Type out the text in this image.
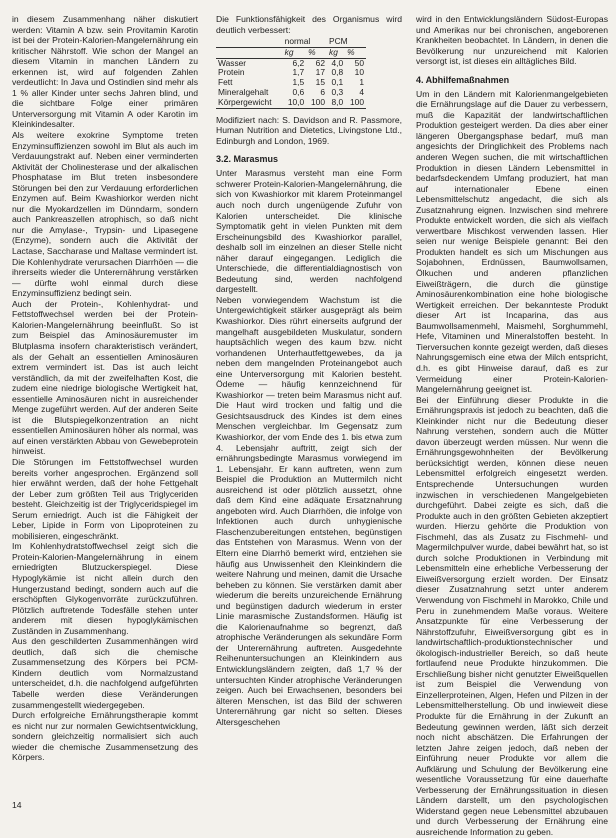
in diesem Zusammenhang näher diskutiert werden: Vitamin A bzw. sein Provitamin Karotin ist bei der Protein-Kalorien-Mangelernährung ein kritischer Nährstoff. Wie schon der Mangel an diesem Vitamin in manchen Ländern zu erkennen ist, wird auf folgenden Zahlen verdeutlicht: In Java und Ostindien sind mehr als 1 % aller Kinder unter sechs Jahren blind, und die sichtbare Folge einer primären Unterversorgung mit Vitamin A oder Karotin im Kleinkindesalter.

Als weitere exokrine Symptome treten Enzyminsuffizienzen sowohl im Blut als auch im Verdauungstrakt auf. Neben einer verminderten Aktivität der Cholinesterase und der alkalischen Phosphatase im Blut treten insbesondere Störungen bei den zur Verdauung erforderlichen Enzymen auf. Beim Kwashiorkor werden nicht nur die Myokardzellen im Dünndarm, sondern auch Pankreaszellen atrophisch, so daß nicht nur die Amylase-, Trypsin- und Lipasegene (Enzyme), sondern auch die Aktivität der Lactase, Saccharase und Maltase vermindert ist. Die Kohlenhydrate verursachen Diarrhöen — die ihrerseits wieder die Unterernährung verstärken — dürfte wohl einmal durch diese Enzyminsuffizienz bedingt sein.

Auch der Protein-, Kohlenhydrat- und Fettstoffwechsel werden bei der Protein-Kalorien-Mangelernährung beeinflußt. So ist zum Beispiel das Aminosäuremuster im Blutplasma insofern charakteristisch verändert, als der Gehalt an essentiellen Aminosäuren extrem vermindert ist. Das ist auch leicht verständlich, da mit der zweifelhaften Kost, die zudem eine niedrige biologische Wertigkeit hat, essentielle Aminosäuren nicht in ausreichender Menge zugeführt werden. Auf der anderen Seite ist die Blutspiegelkonzentration an nicht essentiellen Aminosäuren höher als normal, was auf einen verstärkten Abbau von Gewebeprotein hinweist.

Die Störungen im Fettstoffwechsel wurden bereits vorher angesprochen. Ergänzend soll hier erwähnt werden, daß der hohe Fettgehalt der Leber zum größten Teil aus Triglyceriden besteht. Gleichzeitig ist der Triglyceridspiegel im Serum erniedrigt. Auch ist die Fähigkeit der Leber, Lipide in Form von Lipoproteinen zu mobilisieren, eingeschränkt.

Im Kohlenhydratstoffwechsel zeigt sich die Protein-Kalorien-Mangelernährung in einem erniedrigten Blutzuckerspiegel. Diese Hypoglykämie ist nicht allein durch den Hungerzustand bedingt, sondern auch auf die erschöpften Glykogenvorräte zurückzuführen. Plötzlich auftretende Todesfälle stehen unter anderem mit diesen hypoglykämischen Zuständen in Zusammenhang.

Aus den geschilderten Zusammenhängen wird deutlich, daß sich die chemische Zusammensetzung des Körpers bei PCM-Kindern deutlich vom Normalzustand unterscheidet, d.h. die nachfolgend aufgeführten Tabelle werden diese Veränderungen zusammengestellt wiedergegeben.

Durch erfolgreiche Ernährungstherapie kommt es nicht nur zur normalen Gewichtsentwicklung, sondern gleichzeitig normalisiert sich auch wieder die chemische Zusammensetzung des Körpers.

Die Funktionsfähigkeit des Organismus wird deutlich verbessert:

	normal		PCM	
	kg	%	kg	%
Wasser	6,2	62	4,0	50
Protein	1,7	17	0,8	10
Fett	1,5	15	0,1	1
Mineralgehalt	0,6	6	0,3	4
Körpergewicht	10,0	100	8,0	100

Modifiziert nach: S. Davidson and R. Passmore, Human Nutrition and Dietetics, Livingstone Ltd., Edinburgh and London, 1969.

3.2. Marasmus

Unter Marasmus versteht man eine Form schwerer Protein-Kalorien-Mangelernährung, die sich von Kwashiorkor mit klarem Proteinmangel auch noch durch ungenügende Zufuhr von Kalorien unterscheidet. Die klinische Symptomatik geht in vielen Punkten mit dem Erscheinungsbild des Kwashiorkor parallel, deshalb soll im einzelnen an dieser Stelle nicht näher darauf eingegangen. Lediglich die Unterschiede, die differentialdiagnostisch von Bedeutung sind, werden nachfolgend dargestellt.

Neben vorwiegendem Wachstum ist die Untergewichtigkeit stärker ausgeprägt als beim Kwashiorkor. Dies rührt einerseits aufgrund der mangelhaft ausgebildeten Muskulatur, sondern hauptsächlich wegen des kaum bzw. nicht vorhandenen Unterhautfettgewebes, da ja neben dem mangelnden Proteinangebot auch eine Unterversorgung mit Kalorien besteht. Ödeme — häufig kennzeichnend für Kwashiorkor — treten beim Marasmus nicht auf. Die Haut wird trocken und faltig und die Gesichtsausdruck des Kindes ist dem eines Menschen vergleichbar. Im Gegensatz zum Kwashiorkor, der vom Ende des 1. bis etwa zum 4. Lebensjahr auftritt, zeigt sich der ernährungsbedingte Marasmus vorwiegend im 1. Lebensjahr. Er kann auftreten, wenn zum Beispiel die Produktion an Muttermilch nicht ausreichend ist oder plötzlich aussetzt, ohne daß dem Kind eine adäquate Ersatznahrung angeboten wird. Auch Diarrhöen, die infolge von Infektionen auch durch unhygienische Flaschenzubereitungen entstehen, begünstigen das Entstehen von Marasmus. Wenn von der Eltern eine Diarrhö bemerkt wird, entziehen sie häufig aus Unwissenheit den Kleinkindern die weitere Nahrung und meinen, damit die Ursache beheben zu können. Sie verstärken damit aber wiederum die bereits unzureichende Ernährung und begünstigen dadurch wiederum in erster Linie marasmische Zustandsformen. Häufig ist die Kalorienaufnahme so begrenzt, daß atrophische Veränderungen als sekundäre Form der Unterernährung auftreten. Ausgedehnte Reihenuntersuchungen an Kleinkindern aus Entwicklungsländern zeigten, daß 1,7 % der untersuchten Kinder atrophische Veränderungen zeigen. Auch bei Erwachsenen, besonders bei älteren Menschen, ist das Bild der schweren Unterernährung gar nicht so selten. Dieses Altersgeschehen

wird in den Entwicklungsländern Südost-Europas und Amerikas nur bei chronischen, angeborenen Krankheiten beobachtet. In Ländern, in denen die Bevölkerung nur unzureichend mit Kalorien versorgt ist, ist dieses ein alltägliches Bild.

4. Abhilfemaßnahmen

Um in den Ländern mit Kalorienmangelgebieten die Ernährungslage auf die Dauer zu verbessern, muß die Kapazität der landwirtschaftlichen Produktion gesteigert werden. Da dies aber einer längeren Übergangsphase bedarf, muß man angesichts der Dringlichkeit des Problems nach anderen Wegen suchen, die mit wirtschaftlichen Produktion in diesen Ländern Lebensmittel in bedarfsdeckendem Umfang produziert, hat man auf internationaler Ebene einen Lebensmittelschutz angedacht, die sich als Zusatznahrung eignen. Inzwischen sind mehrere Produkte entwickelt worden, die sich als vielfach verwertbare Mischkost verwenden lassen. Hier seien nur wenige Beispiele genannt: Bei den Produkten handelt es sich um Mischungen aus Sojabohnen, Erdnüssen, Baumwollsamen, Ölkuchen und anderen pflanzlichen Eiweißträgern, die durch die günstige Aminosäurenkombination eine hohe biologische Wertigkeit erreichen. Der bekannteste Produkt dieser Art ist Incaparina, das aus Baumwollsamenmehl, Maismehl, Sorghummehl, Hefe, Vitaminen und Mineralstoffen besteht. In Tierversuchen konnte gezeigt werden, daß dieses Nahrungsgemisch eine etwa der Milch entspricht, d.h. es gibt Hinweise darauf, daß es zur Vermeidung einer Protein-Kalorien-Mangelernährung geeignet ist.

Bei der Einführung dieser Produkte in die Ernährungspraxis ist jedoch zu beachten, daß die Kleinkinder nicht nur die Bedeutung dieser Nahrung verstehen, sondern auch die Mütter davon überzeugt werden müssen. Nur wenn die Ernährungsgewohnheiten der Bevölkerung berücksichtigt werden, können diese neuen Lebensmittel erfolgreich eingesetzt werden. Entsprechende Untersuchungen wurden inzwischen in verschiedenen Mangelgebieten durchgeführt. Dabei zeigte es sich, daß die Produkte auch in den größten Gebieten akzeptiert wurden. Hierzu gehörte die Produktion von Fischmehl, das als Zusatz zu Fischmehl- und Magermilchpulver wurde, dabei bewährt hat, so ist durch solche Produktionen in Verbindung mit Lebensmitteln eine erhebliche Verbesserung der Eiweißversorgung erzielt worden. Der Einsatz dieser Zusatznahrung setzt unter anderem Verwendung von Fischmehl in Marokko, Chile und Peru in zunehmendem Maße voraus. Weitere Ansatzpunkte für eine Verbesserung der Nährstoffzufuhr, Eiweißversorgung gibt es in landwirtschaftlich-produktionstechnischer und ökologisch-industrieller Bereich, so daß heute fortlaufend neue Produkte hinzukommen. Die Erschließung bisher nicht genutzter Eiweißquellen ist zum Beispiel die Verwendung von Einzellerproteinen, Algen, Hefen und Pilzen in der Lebensmittelherstellung. Ob und inwieweit diese Produkte für die Ernährung in der Zukunft an Bedeutung gewinnen werden, läßt sich derzeit noch nicht abschätzen. Die Erfahrungen der letzten Jahre zeigen jedoch, daß neben der Einführung neuer Produkte vor allem die Aufklärung und Schulung der Bevölkerung eine wesentliche Voraussetzung für eine dauerhafte Verbesserung der Ernährungssituation in diesen Ländern darstellt, um den psychologischen Widerstand gegen neue Lebensmittel abzubauen und durch Verbesserung der Ernährung eine ausreichende Information zu geben.

14
